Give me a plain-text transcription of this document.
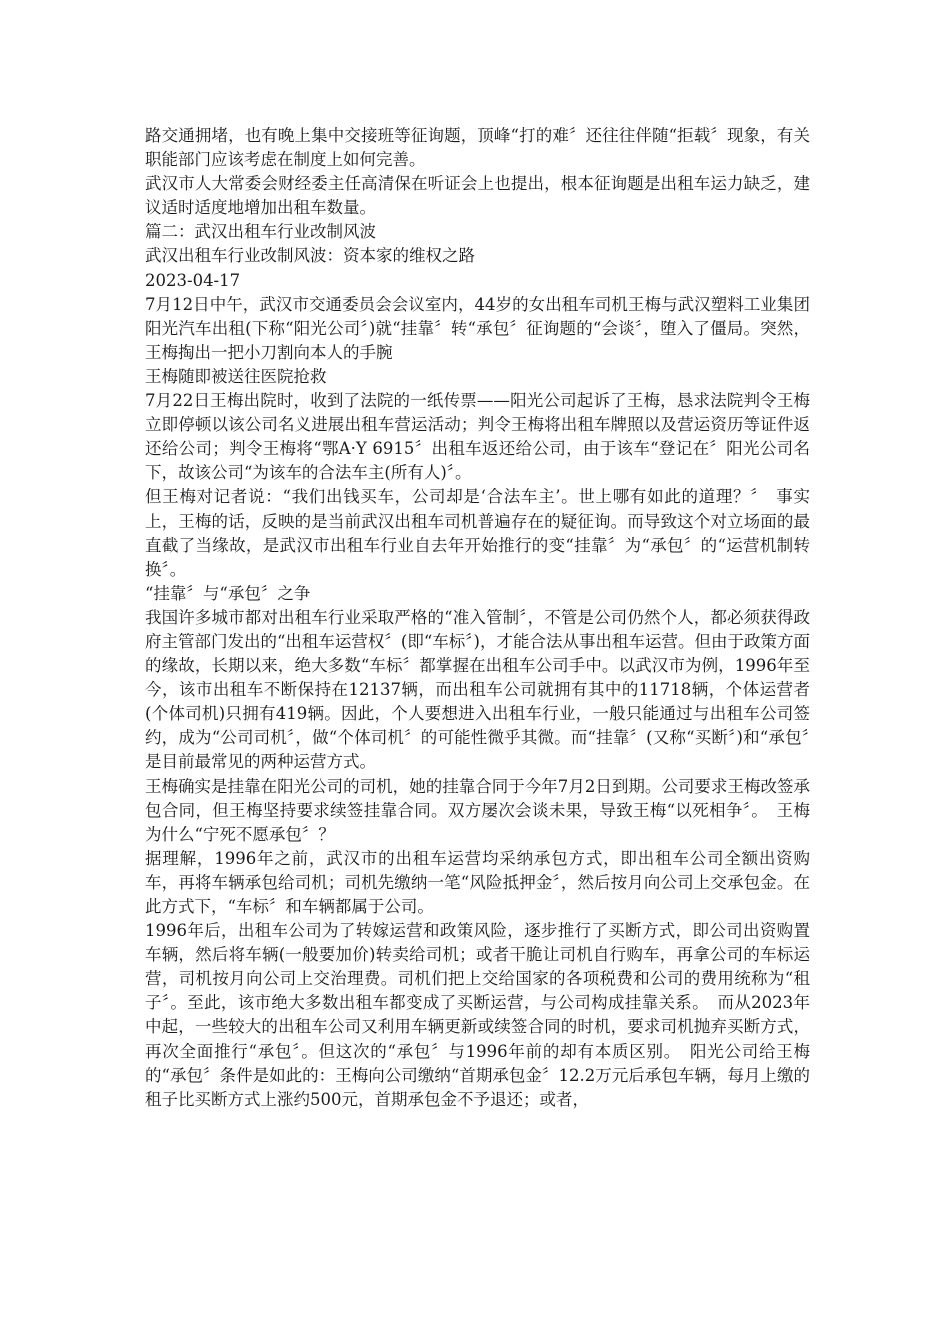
路交通拥堵，也有晚上集中交接班等征询题，顶峰“打的难〞还往往伴随“拒载〞现象，有关职能部门应该考虑在制度上如何完善。

武汉市人大常委会财经委主任高清保在听证会上也提出，根本征询题是出租车运力缺乏，建议适时适度地增加出租车数量。

篇二：武汉出租车行业改制风波

武汉出租车行业改制风波：资本家的维权之路

2023-04-17

7月12日中午，武汉市交通委员会会议室内，44岁的女出租车司机王梅与武汉塑料工业集团阳光汽车出租(下称“阳光公司〞)就“挂靠〞转“承包〞征询题的“会谈〞，堕入了僵局。突然，王梅掏出一把小刀割向本人的手腕

王梅随即被送往医院抢救

7月22日王梅出院时，收到了法院的一纸传票——阳光公司起诉了王梅，恳求法院判令王梅立即停顿以该公司名义进展出租车营运活动；判令王梅将出租车牌照以及营运资历等证件返还给公司；判令王梅将“鄂A·Y 6915〞出租车返还给公司，由于该车“登记在〞阳光公司名下，故该公司“为该车的合法车主(所有人)〞。

但王梅对记者说：“我们出钱买车，公司却是‘合法车主’。世上哪有如此的道理？〞　事实上，王梅的话，反映的是当前武汉出租车司机普遍存在的疑征询。而导致这个对立场面的最直截了当缘故，是武汉市出租车行业自去年开始推行的变“挂靠〞为“承包〞的“运营机制转换〞。

“挂靠〞与“承包〞之争

我国许多城市都对出租车行业采取严格的“准入管制〞，不管是公司仍然个人，都必须获得政府主管部门发出的“出租车运营权〞(即“车标〞)，才能合法从事出租车运营。但由于政策方面的缘故，长期以来，绝大多数“车标〞都掌握在出租车公司手中。以武汉市为例，1996年至今，该市出租车不断保持在12137辆，而出租车公司就拥有其中的11718辆，个体运营者(个体司机)只拥有419辆。因此，个人要想进入出租车行业，一般只能通过与出租车公司签约，成为“公司司机〞，做“个体司机〞的可能性微乎其微。而“挂靠〞(又称“买断〞)和“承包〞是目前最常见的两种运营方式。

王梅确实是挂靠在阳光公司的司机，她的挂靠合同于今年7月2日到期。公司要求王梅改签承包合同，但王梅坚持要求续签挂靠合同。双方屡次会谈未果，导致王梅“以死相争〞。　王梅为什么“宁死不愿承包〞？

据理解，1996年之前，武汉市的出租车运营均采纳承包方式，即出租车公司全额出资购车，再将车辆承包给司机；司机先缴纳一笔“风险抵押金〞，然后按月向公司上交承包金。在此方式下，“车标〞和车辆都属于公司。

1996年后，出租车公司为了转嫁运营和政策风险，逐步推行了买断方式，即公司出资购置车辆，然后将车辆(一般要加价)转卖给司机；或者干脆让司机自行购车，再拿公司的车标运营，司机按月向公司上交治理费。司机们把上交给国家的各项税费和公司的费用统称为“租子〞。至此，该市绝大多数出租车都变成了买断运营，与公司构成挂靠关系。　而从2023年中起，一些较大的出租车公司又利用车辆更新或续签合同的时机，要求司机抛弃买断方式，再次全面推行“承包〞。但这次的“承包〞与1996年前的却有本质区别。　阳光公司给王梅的“承包〞条件是如此的：王梅向公司缴纳“首期承包金〞12.2万元后承包车辆，每月上缴的租子比买断方式上涨约500元，首期承包金不予退还；或者，
